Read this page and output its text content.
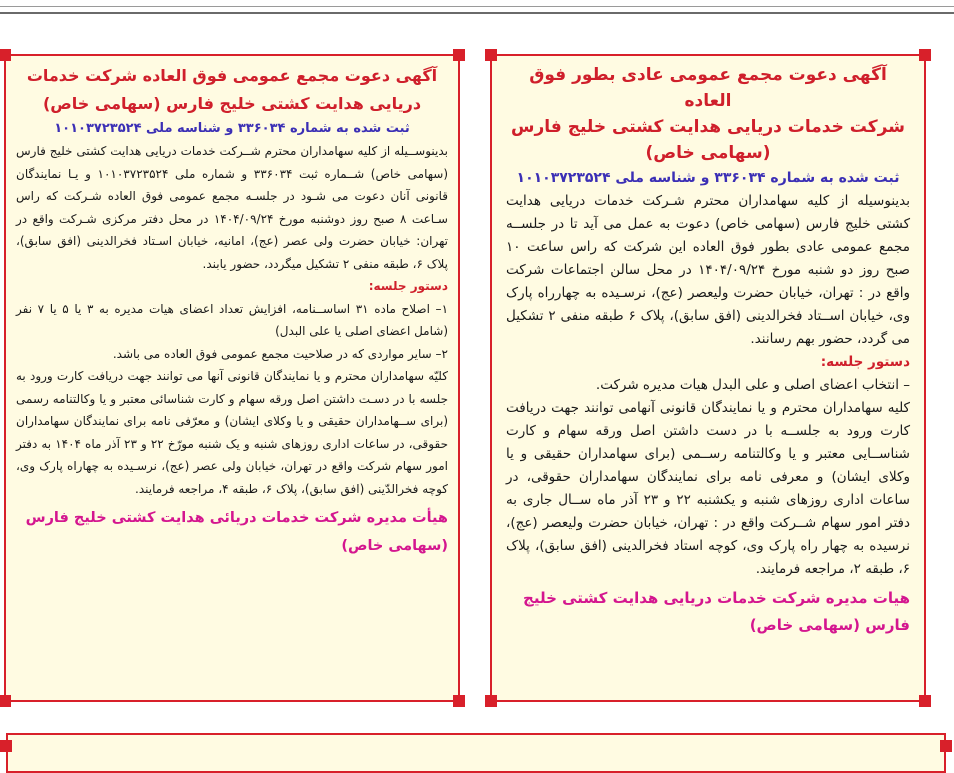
آگهی دعوت مجمع عمومی عادی بطور فوق العاده
شرکت خدمات دریایی هدایت کشتی خلیج فارس
(سهامی خاص)
ثبت شده به شماره ۳۳۶۰۳۴ و شناسه ملی ۱۰۱۰۳۷۲۳۵۲۴

بدینوسیله از کلیه سهامداران محترم شـرکت خدمات دریایی هدایت کشتی خلیج فارس (سهامی خاص) دعوت به عمل می آید تا در جلســه مجمع عمومی عادی بطور فوق العاده این شرکت که راس ساعت ۱۰ صبح روز دو شنبه مورخ ۱۴۰۴/۰۹/۲۴ در محل سالن اجتماعات شرکت واقع در : تهران، خیابان حضرت ولیعصر (عج)، نرسـیده به چهارراه پارک وی، خیابان اســتاد فخرالدینی (افق سابق)، پلاک ۶ طبقه منفی ۲ تشکیل می گردد، حضور بهم رسانند.

دستور جلسه:

– انتخاب اعضای اصلی و علی البدل هیات مدیره شرکت.

کلیه سهامداران محترم و یا نمایندگان قانونی آنهامی توانند جهت دریافت کارت ورود به جلســه با در دست داشتن اصل ورقه سهام و کارت شناســایی معتبر و یا وکالتنامه رســمی (برای سهامداران حقیقی و یا وکلای ایشان) و معرفی نامه برای نمایندگان سهامداران حقوقی، در ساعات اداری روزهای شنبه و یکشنبه ۲۲ و ۲۳ آذر ماه ســال جاری به دفتر امور سهام شــرکت واقع در : تهران، خیابان حضرت ولیعصر (عج)، نرسیده به چهار راه پارک وی، کوچه استاد فخرالدینی (افق سابق)، پلاک ۶، طبقه ۲، مراجعه فرمایند.

هیات مدیره شرکت خدمات دریایی هدایت کشتی خلیج فارس (سهامی خاص)

آگهی دعوت مجمع عمومی فوق العاده شرکت خدمات
دریایی هدایت کشتی خلیج فارس (سهامی خاص)
ثبت شده به شماره ۳۳۶۰۳۴ و شناسه ملی ۱۰۱۰۳۷۲۳۵۲۴

بدینوســیله از کلیه سهامداران محترم شــرکت خدمات دریایی هدایت کشتی خلیج فارس (سهامی خاص) شــماره ثبت ۳۳۶۰۳۴ و شماره ملی ۱۰۱۰۳۷۲۳۵۲۴ و یـا نمایندگان قانونی آنان دعوت می شـود در جلسـه مجمع عمومی فوق العاده شـرکت که راس سـاعت ۸ صبح روز دوشنبه مورخ ۱۴۰۴/۰۹/۲۴ در محل دفتر مرکزی شـرکت واقع در تهران: خیابان حضرت ولی عصر (عج)، امانیه، خیابان اسـتاد فخرالدینی (افق سابق)، پلاک ۶، طبقه منفی ۲ تشکیل میگردد، حضور یابند.

دستور جلسه:

۱– اصلاح ماده ۳۱ اساســنامه، افزایش تعداد اعضای هیات مدیره به ۳ یا ۵ یا ۷ نفر (شامل اعضای اصلی یا علی البدل)

۲– سایر مواردی که در صلاحیت مجمع عمومی فوق العاده می باشد.

کلیّه سهامداران محترم و یا نمایندگان قانونی آنها می توانند جهت دریافت کارت ورود به جلسه با در دسـت داشتن اصل ورقه سهام و کارت شناسائی معتبر و یا وکالتنامه رسمی (برای ســهامداران حقیقی و یا وکلای ایشان) و معرّفی نامه برای نمایندگان سهامداران حقوقی، در ساعات اداری روزهای شنبه و یک شنبه مورّخ ۲۲ و ۲۳ آذر ماه ۱۴۰۴ به دفتر امور سهام شرکت واقع در تهران، خیابان ولی عصر (عج)، نرسـیده به چهاراه پارک وی، کوچه فخرالدّینی (افق سابق)، پلاک ۶، طبقه ۴، مراجعه فرمایند.

هیأت مدیره شرکت خدمات دریائی هدایت کشتی خلیج فارس (سهامی خاص)
